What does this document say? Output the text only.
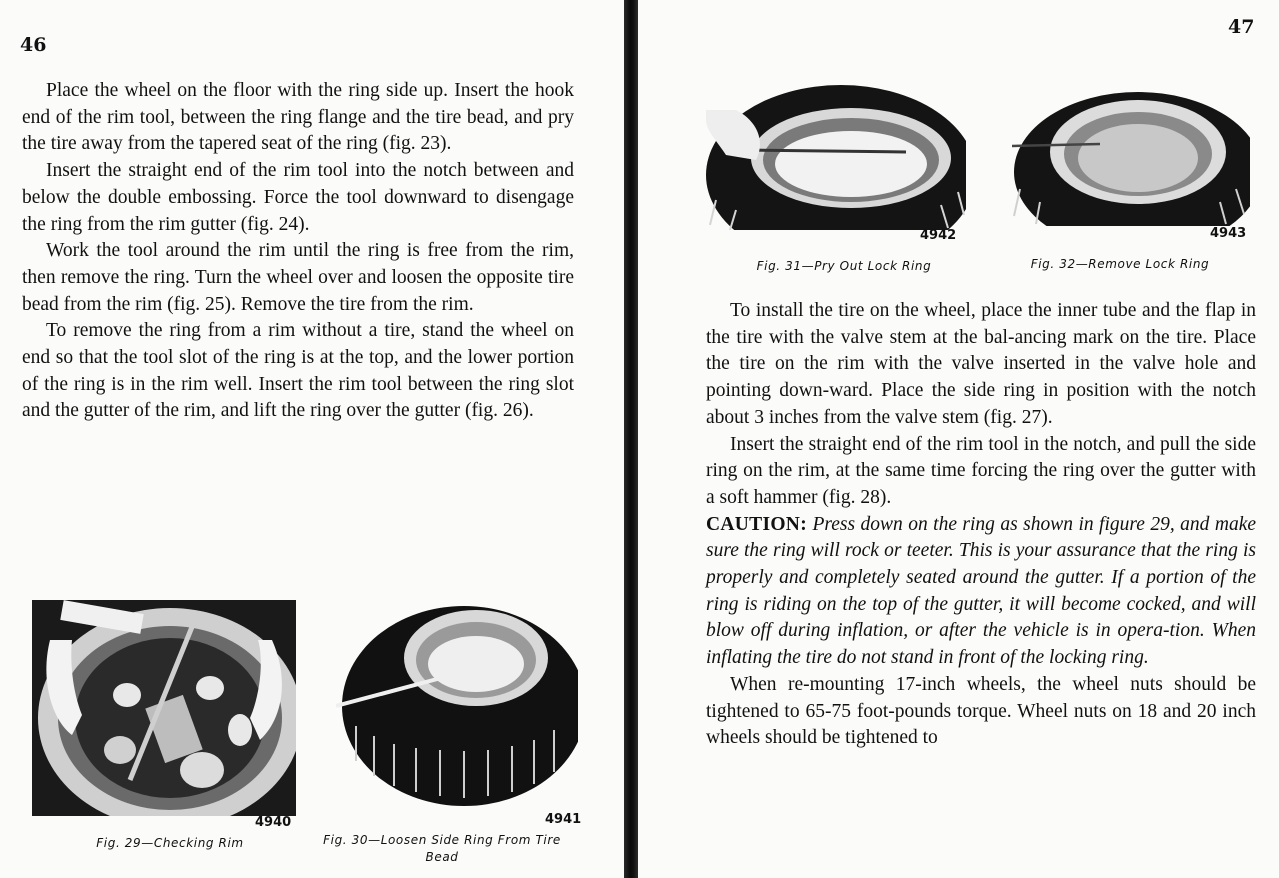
46

Place the wheel on the floor with the ring side up. Insert the hook end of the rim tool, between the ring flange and the tire bead, and pry the tire away from the tapered seat of the ring (fig. 23).

Insert the straight end of the rim tool into the notch between and below the double embossing. Force the tool downward to disengage the ring from the rim gutter (fig. 24).

Work the tool around the rim until the ring is free from the rim, then remove the ring. Turn the wheel over and loosen the opposite tire bead from the rim (fig. 25). Remove the tire from the rim.

To remove the ring from a rim without a tire, stand the wheel on end so that the tool slot of the ring is at the top, and the lower portion of the ring is in the rim well. Insert the rim tool between the ring slot and the gutter of the rim, and lift the ring over the gutter (fig. 26).

4940
Fig. 29—Checking Rim
4941
Fig. 30—Loosen Side Ring From Tire Bead
47
4942
Fig. 31—Pry Out Lock Ring
4943
Fig. 32—Remove Lock Ring

To install the tire on the wheel, place the inner tube and the flap in the tire with the valve stem at the bal-ancing mark on the tire. Place the tire on the rim with the valve inserted in the valve hole and pointing down-ward. Place the side ring in position with the notch about 3 inches from the valve stem (fig. 27).

Insert the straight end of the rim tool in the notch, and pull the side ring on the rim, at the same time forcing the ring over the gutter with a soft hammer (fig. 28).

CAUTION: Press down on the ring as shown in figure 29, and make sure the ring will rock or teeter. This is your assurance that the ring is properly and completely seated around the gutter. If a portion of the ring is riding on the top of the gutter, it will become cocked, and will blow off during inflation, or after the vehicle is in opera-tion. When inflating the tire do not stand in front of the locking ring.

When re-mounting 17-inch wheels, the wheel nuts should be tightened to 65-75 foot-pounds torque. Wheel nuts on 18 and 20 inch wheels should be tightened to
